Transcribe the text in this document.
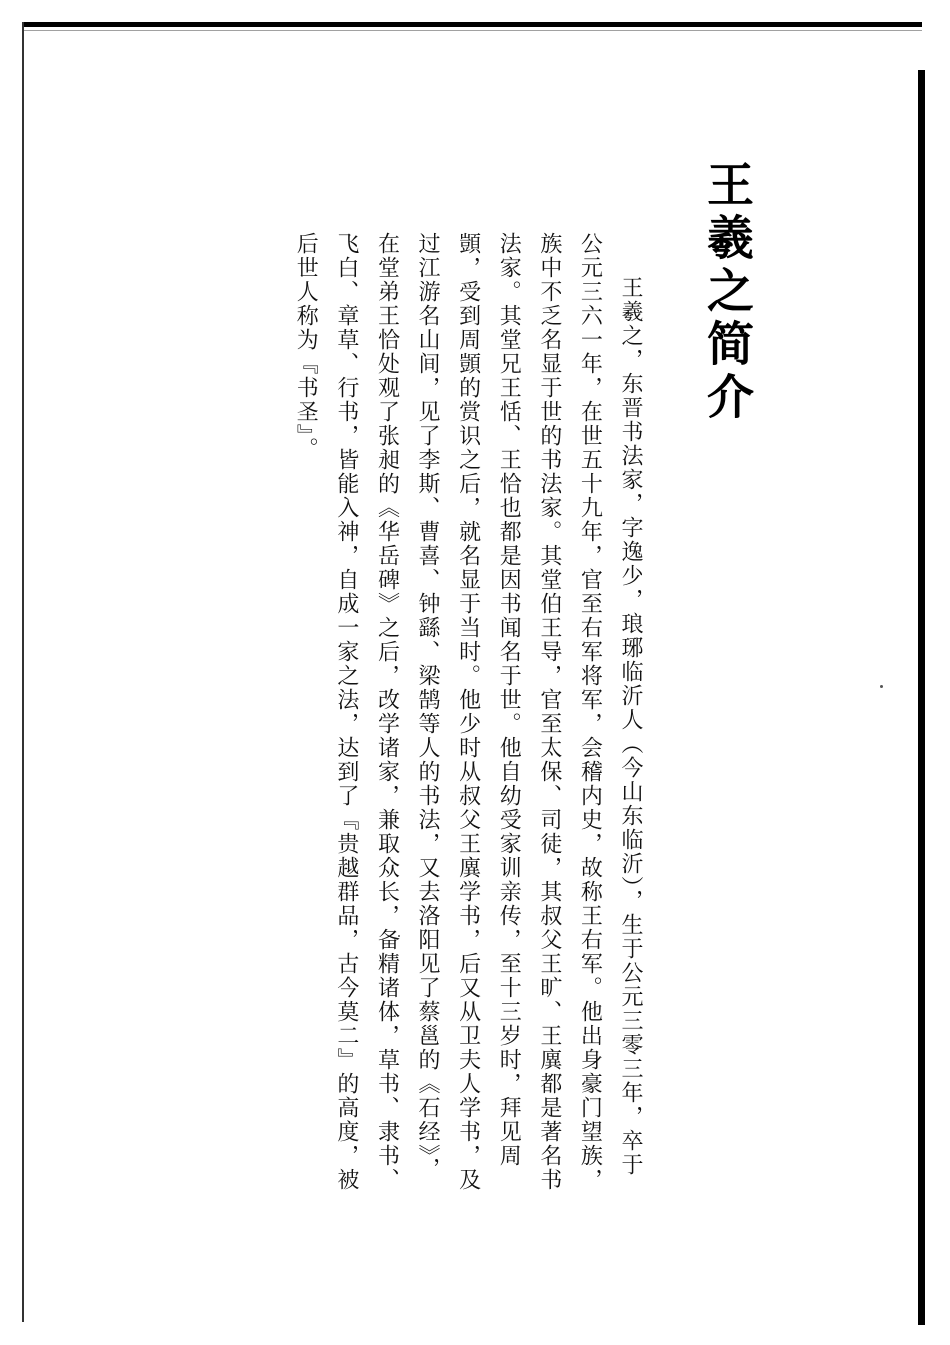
王羲之简介

王羲之，东晋书法家，字逸少，琅琊临沂人（今山东临沂），生于公元三零三年，卒于公元三六一年，在世五十九年，官至右军将军，会稽内史，故称王右军。他出身豪门望族，族中不乏名显于世的书法家。其堂伯王导，官至太保、司徒，其叔父王旷、王廙都是著名书法家。其堂兄王恬、王恰也都是因书闻名于世。他自幼受家训亲传，至十三岁时，拜见周顗，受到周顗的赏识之后，就名显于当时。他少时从叔父王廙学书，后又从卫夫人学书，及过江游名山间，见了李斯、曹喜、钟繇、梁鹄等人的书法，又去洛阳见了蔡邕的《石经》，在堂弟王恰处观了张昶的《华岳碑》之后，改学诸家，兼取众长，备精诸体，草书、隶书、飞白、章草、行书，皆能入神，自成一家之法，达到了『贵越群品，古今莫二』的高度，被后世人称为『书圣』。
